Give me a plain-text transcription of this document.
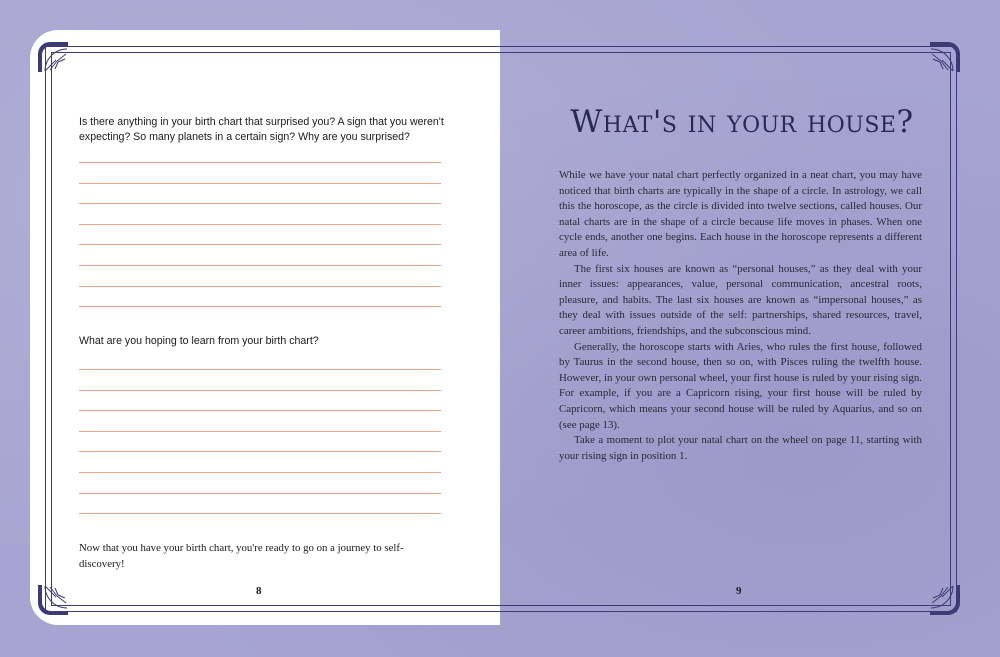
Is there anything in your birth chart that surprised you? A sign that you weren't expecting? So many planets in a certain sign? Why are you surprised?
What are you hoping to learn from your birth chart?
Now that you have your birth chart, you're ready to go on a journey to self-discovery!
8
What's in your house?

While we have your natal chart perfectly organized in a neat chart, you may have noticed that birth charts are typically in the shape of a circle. In astrology, we call this the horoscope, as the circle is divided into twelve sections, called houses. Our natal charts are in the shape of a circle because life moves in phases. When one cycle ends, another one begins. Each house in the horoscope represents a different area of life.

The first six houses are known as “personal houses,” as they deal with your inner issues: appearances, value, personal communication, ancestral roots, pleasure, and habits. The last six houses are known as “impersonal houses,” as they deal with issues outside of the self: partnerships, shared resources, travel, career ambitions, friendships, and the subconscious mind.

Generally, the horoscope starts with Aries, who rules the first house, followed by Taurus in the second house, then so on, with Pisces ruling the twelfth house. However, in your own personal wheel, your first house is ruled by your rising sign. For example, if you are a Capricorn rising, your first house will be ruled by Capricorn, which means your second house will be ruled by Aquarius, and so on (see page 13).

Take a moment to plot your natal chart on the wheel on page 11, starting with your rising sign in position 1.

9
